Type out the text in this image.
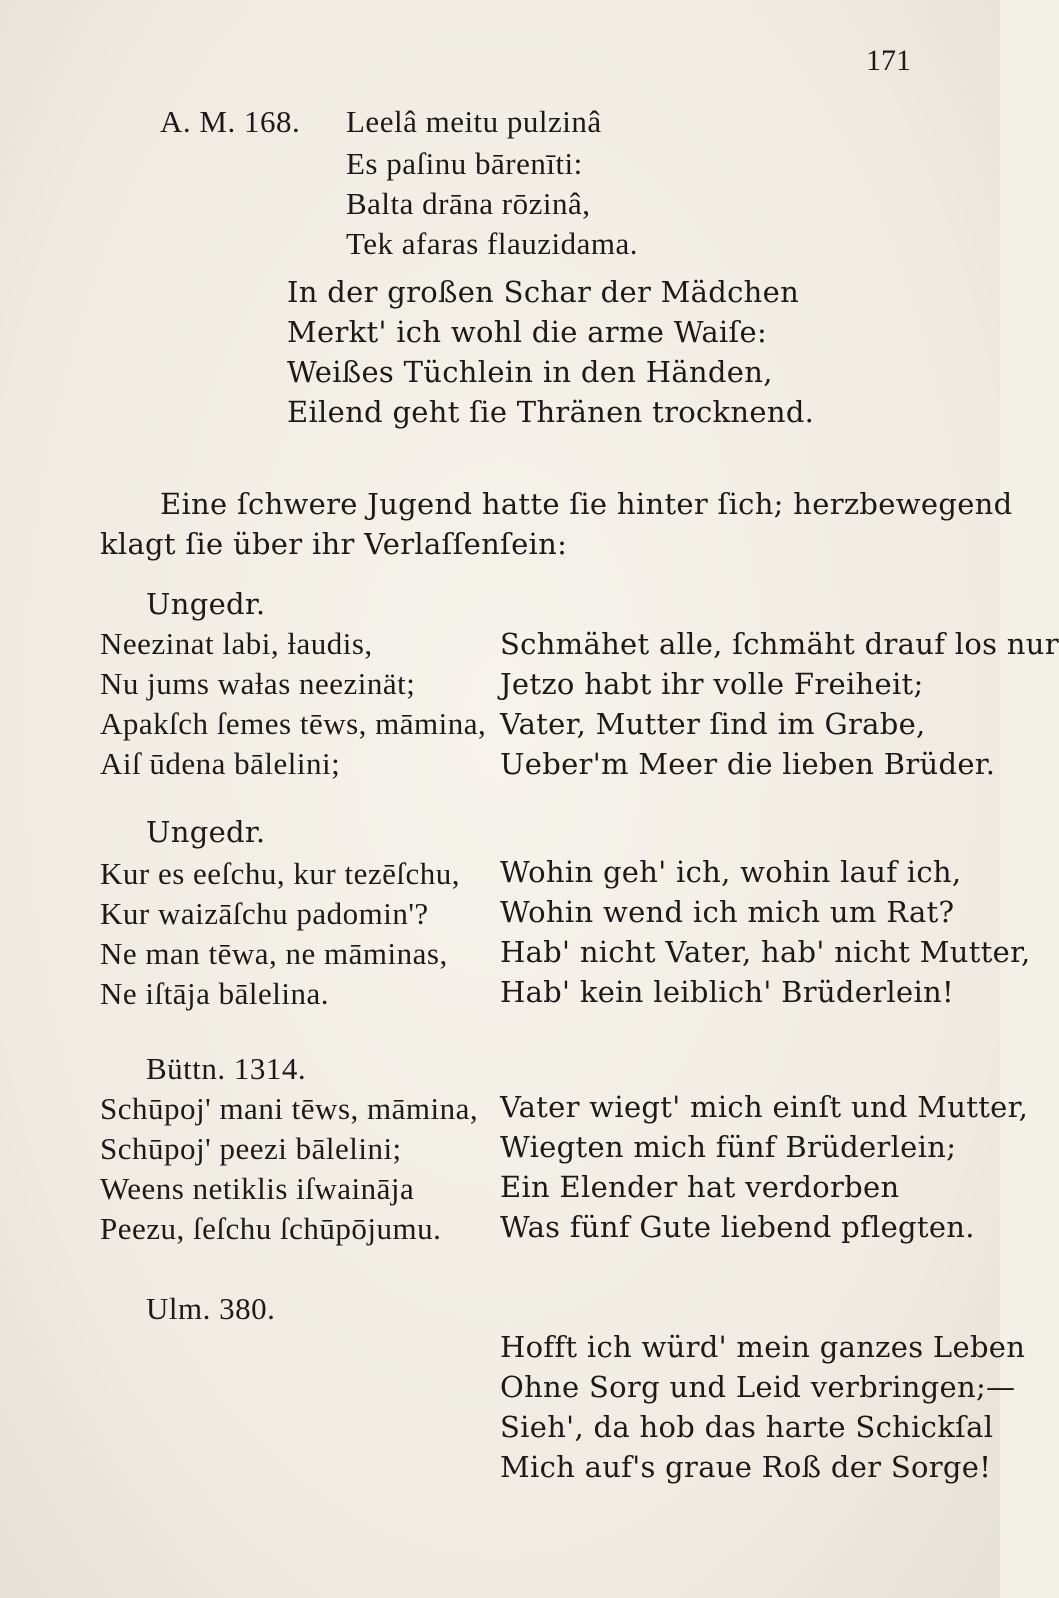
171
A. M. 168. Leelâ meitu pulzinâ
Es paſinu bārenīti:
Balta drāna rōzinâ,
Tek afaras flauzidama.
In der großen Schar der Mädchen
Merkt' ich wohl die arme Waiſe:
Weißes Tüchlein in den Händen,
Eilend geht ſie Thränen trocknend.
Eine ſchwere Jugend hatte ſie hinter ſich; herzbewegend
klagt ſie über ihr Verlaſſenſein:
Ungedr.
Neezinat labi, ƚaudis,
Nu jums waƚas neezinät;
Apakſch ſemes tēws, māmina,
Aiſ ūdena bālelini;
Schmähet alle, ſchmäht drauf los nur
Jetzo habt ihr volle Freiheit;
Vater, Mutter ſind im Grabe,
Ueber'm Meer die lieben Brüder.
Ungedr.
Kur es eeſchu, kur tezēſchu,
Kur waizāſchu padomin'?
Ne man tēwa, ne māminas,
Ne iſtāja bālelina.
Wohin geh' ich, wohin lauf ich,
Wohin wend ich mich um Rat?
Hab' nicht Vater, hab' nicht Mutter,
Hab' kein leiblich' Brüderlein!
Büttn. 1314.
Schūpoj' mani tēws, māmina,
Schūpoj' peezi bālelini;
Weens netiklis iſwaināja
Peezu, ſeſchu ſchūpōjumu.
Vater wiegt' mich einſt und Mutter,
Wiegten mich fünf Brüderlein;
Ein Elender hat verdorben
Was fünf Gute liebend pflegten.
Ulm. 380.
Hofft ich würd' mein ganzes Leben
Ohne Sorg und Leid verbringen;—
Sieh', da hob das harte Schickſal
Mich auf's graue Roß der Sorge!
